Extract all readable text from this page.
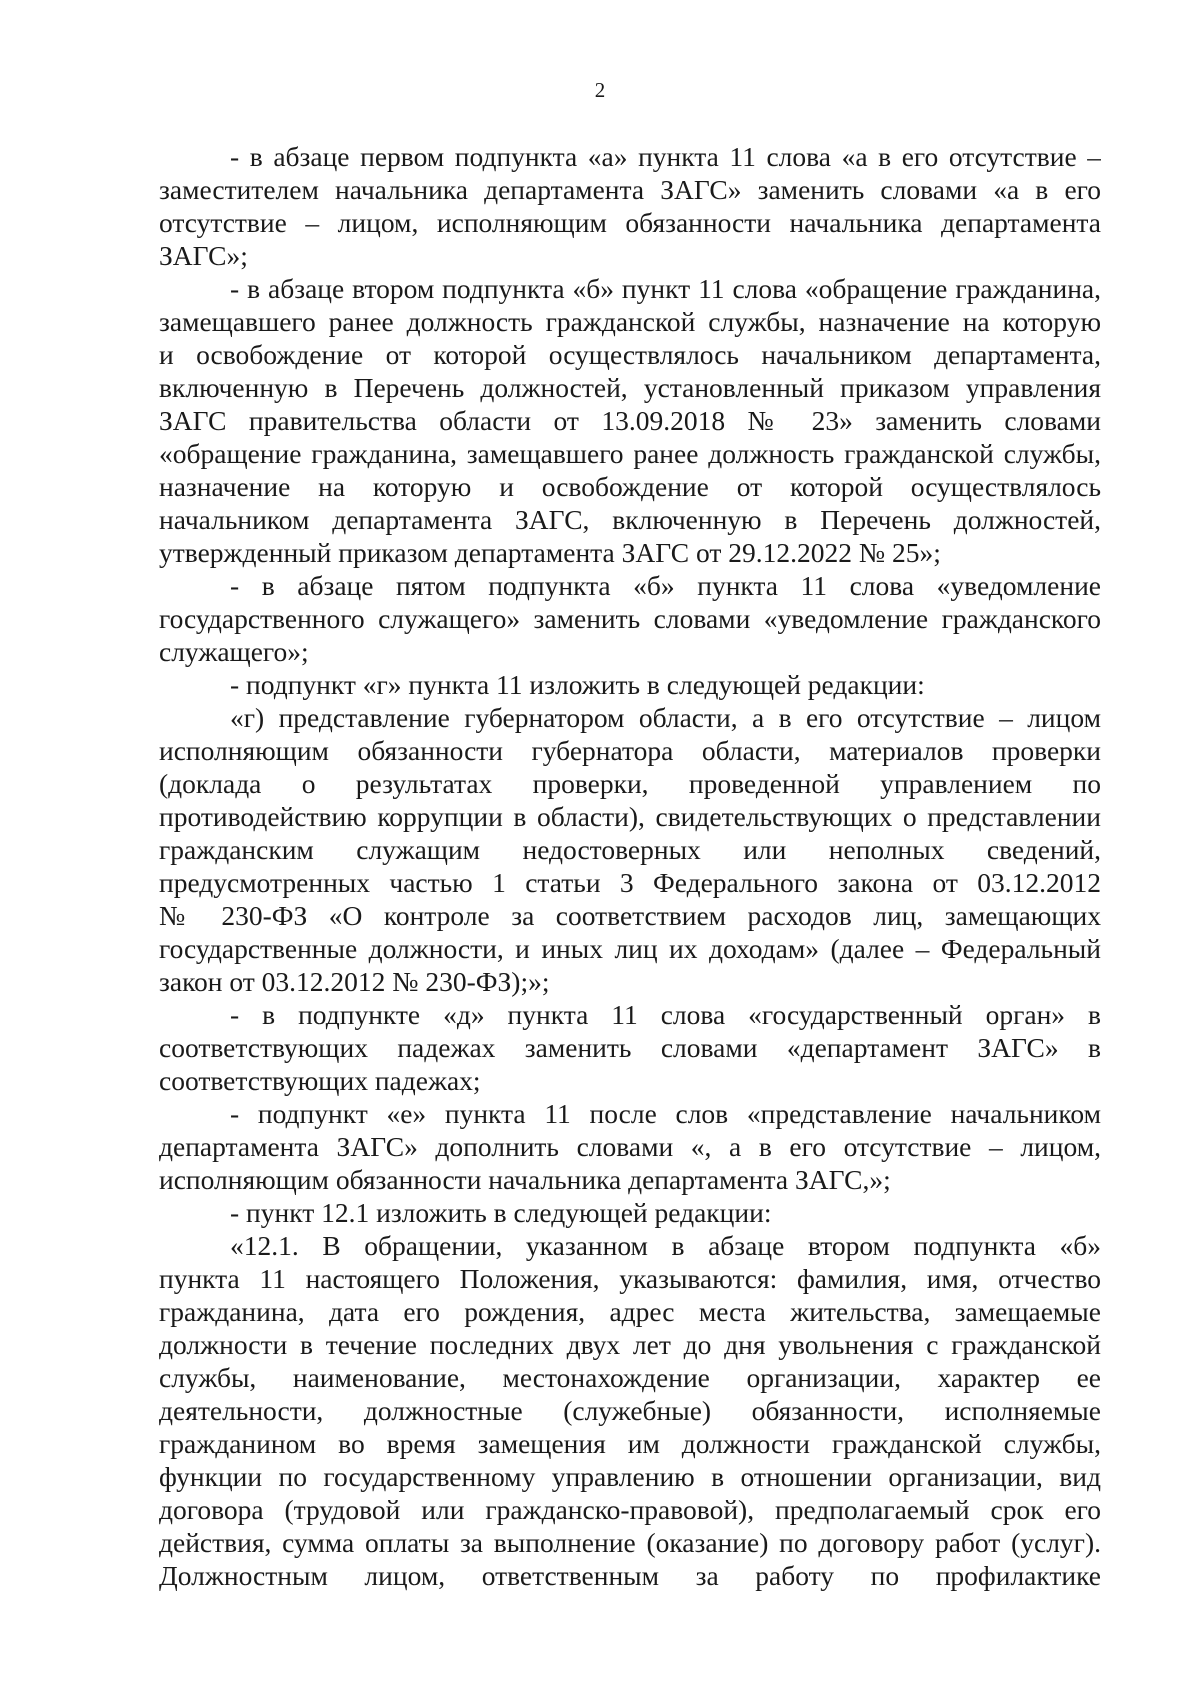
2
- в абзаце первом подпункта «а» пункта 11 слова «а в его отсутствие –
заместителем начальника департамента ЗАГС» заменить словами «а в его
отсутствие – лицом, исполняющим обязанности начальника департамента
ЗАГС»;
- в абзаце втором подпункта «б» пункт 11 слова «обращение гражданина,
замещавшего ранее должность гражданской службы, назначение на которую
и освобождение от которой осуществлялось начальником департамента,
включенную в Перечень должностей, установленный приказом управления
ЗАГС правительства области от 13.09.2018 № 23» заменить словами
«обращение гражданина, замещавшего ранее должность гражданской службы,
назначение на которую и освобождение от которой осуществлялось
начальником департамента ЗАГС, включенную в Перечень должностей,
утвержденный приказом департамента ЗАГС от 29.12.2022 № 25»;
- в абзаце пятом подпункта «б» пункта 11 слова «уведомление
государственного служащего» заменить словами «уведомление гражданского
служащего»;
- подпункт «г» пункта 11 изложить в следующей редакции:
«г) представление губернатором области, а в его отсутствие – лицом
исполняющим обязанности губернатора области, материалов проверки
(доклада о результатах проверки, проведенной управлением по
противодействию коррупции в области), свидетельствующих о представлении
гражданским служащим недостоверных или неполных сведений,
предусмотренных частью 1 статьи 3 Федерального закона от 03.12.2012
№ 230-ФЗ «О контроле за соответствием расходов лиц, замещающих
государственные должности, и иных лиц их доходам» (далее – Федеральный
закон от 03.12.2012 № 230-ФЗ);»;
- в подпункте «д» пункта 11 слова «государственный орган» в
соответствующих падежах заменить словами «департамент ЗАГС» в
соответствующих падежах;
- подпункт «е» пункта 11 после слов «представление начальником
департамента ЗАГС» дополнить словами «, а в его отсутствие – лицом,
исполняющим обязанности начальника департамента ЗАГС,»;
- пункт 12.1 изложить в следующей редакции:
«12.1. В обращении, указанном в абзаце втором подпункта «б»
пункта 11 настоящего Положения, указываются: фамилия, имя, отчество
гражданина, дата его рождения, адрес места жительства, замещаемые
должности в течение последних двух лет до дня увольнения с гражданской
службы, наименование, местонахождение организации, характер ее
деятельности, должностные (служебные) обязанности, исполняемые
гражданином во время замещения им должности гражданской службы,
функции по государственному управлению в отношении организации, вид
договора (трудовой или гражданско-правовой), предполагаемый срок его
действия, сумма оплаты за выполнение (оказание) по договору работ (услуг).
Должностным лицом, ответственным за работу по профилактике
